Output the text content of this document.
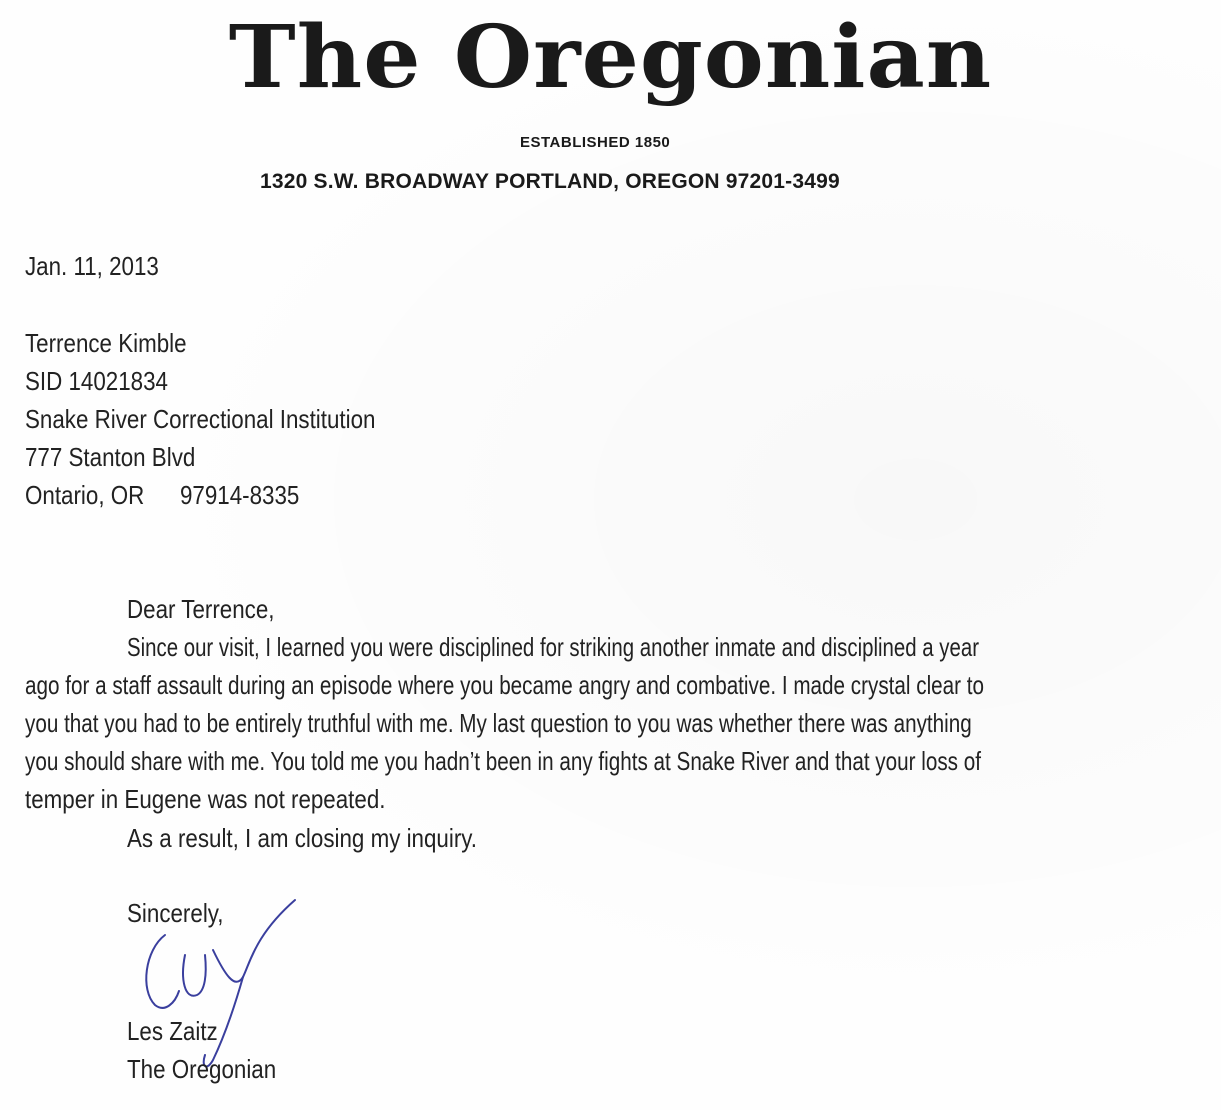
The Oregonian
ESTABLISHED 1850
1320 S.W. BROADWAY PORTLAND, OREGON 97201-3499
Jan. 11, 2013
Terrence Kimble
SID 14021834
Snake River Correctional Institution
777 Stanton Blvd
Ontario, OR 97914-8335
Dear Terrence,
Since our visit, I learned you were disciplined for striking another inmate and disciplined a year
ago for a staff assault during an episode where you became angry and combative. I made crystal clear to
you that you had to be entirely truthful with me. My last question to you was whether there was anything
you should share with me. You told me you hadn’t been in any fights at Snake River and that your loss of
temper in Eugene was not repeated.
As a result, I am closing my inquiry.
Sincerely,
Les Zaitz
The Oregonian
